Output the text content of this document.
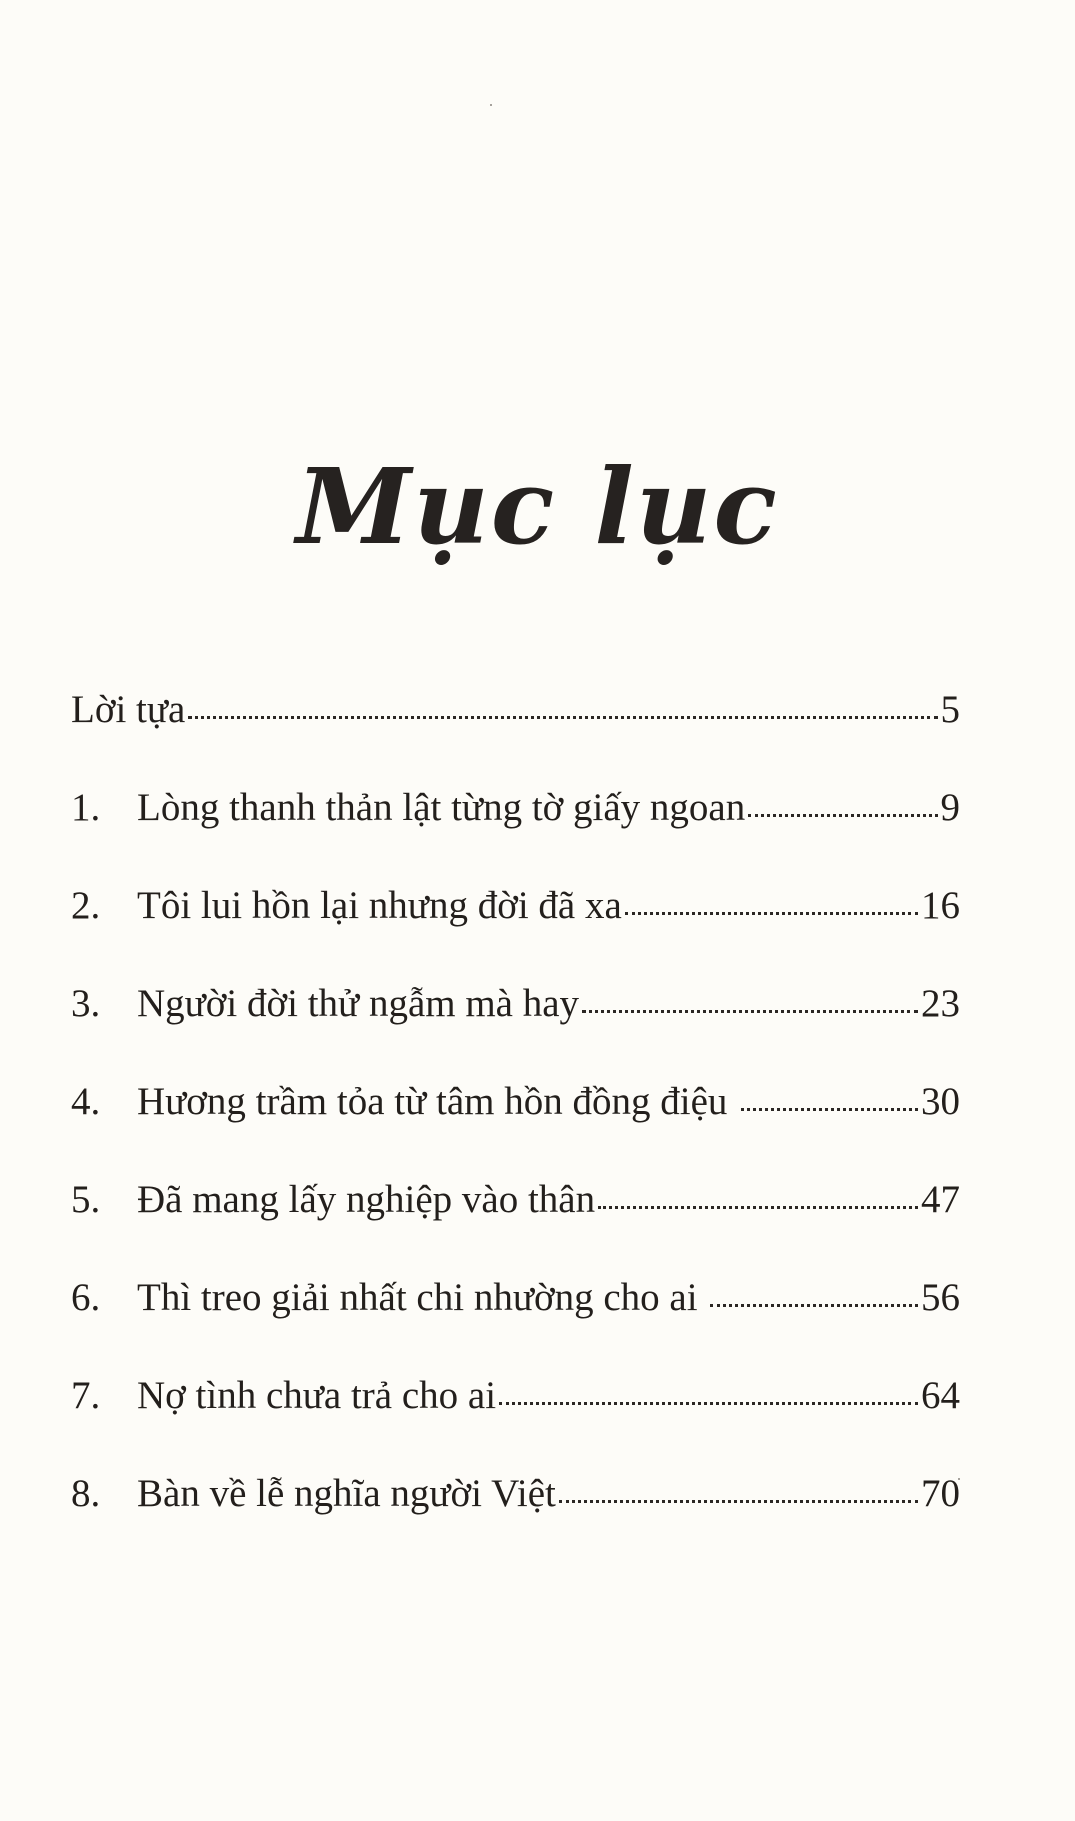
Mục lục
Lời tựa	5
1. Lòng thanh thản lật từng tờ giấy ngoan	9
2. Tôi lui hồn lại nhưng đời đã xa	16
3. Người đời thử ngẫm mà hay	23
4. Hương trầm tỏa từ tâm hồn đồng điệu	30
5. Đã mang lấy nghiệp vào thân	47
6. Thì treo giải nhất chi nhường cho ai	56
7. Nợ tình chưa trả cho ai	64
8. Bàn về lễ nghĩa người Việt	70
